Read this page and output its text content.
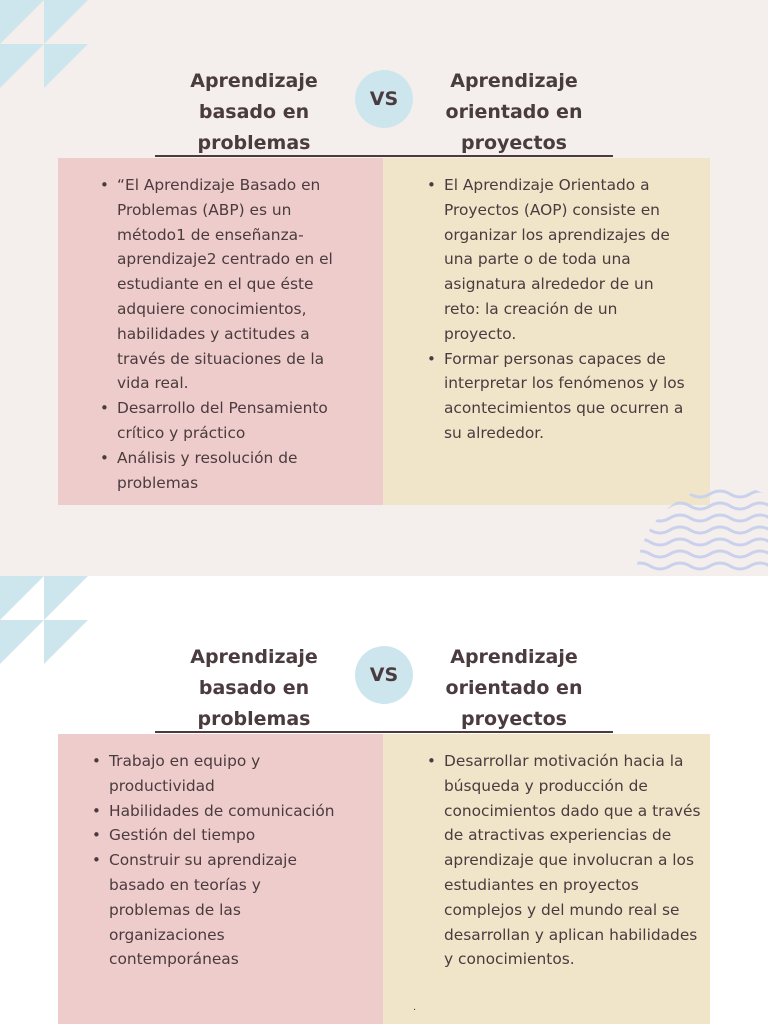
Aprendizaje basado en problemas
VS
Aprendizaje orientado en proyectos
• “El Aprendizaje Basado en Problemas (ABP) es un método1 de enseñanza-aprendizaje2 centrado en el estudiante en el que éste adquiere conocimientos, habilidades y actitudes a través de situaciones de la vida real.
• Desarrollo del Pensamiento crítico y práctico
• Análisis y resolución de problemas
• El Aprendizaje Orientado a Proyectos (AOP) consiste en organizar los aprendizajes de una parte o de toda una asignatura alrededor de un reto: la creación de un proyecto.
• Formar personas capaces de interpretar los fenómenos y los acontecimientos que ocurren a su alrededor.
Aprendizaje basado en problemas
VS
Aprendizaje orientado en proyectos
• Trabajo en equipo y productividad
• Habilidades de comunicación
• Gestión del tiempo
• Construir su aprendizaje basado en teorías y problemas de las organizaciones contemporáneas
• Desarrollar motivación hacia la búsqueda y producción de conocimientos dado que a través de atractivas experiencias de aprendizaje que involucran a los estudiantes en proyectos complejos y del mundo real se desarrollan y aplican habilidades y conocimientos.
.
